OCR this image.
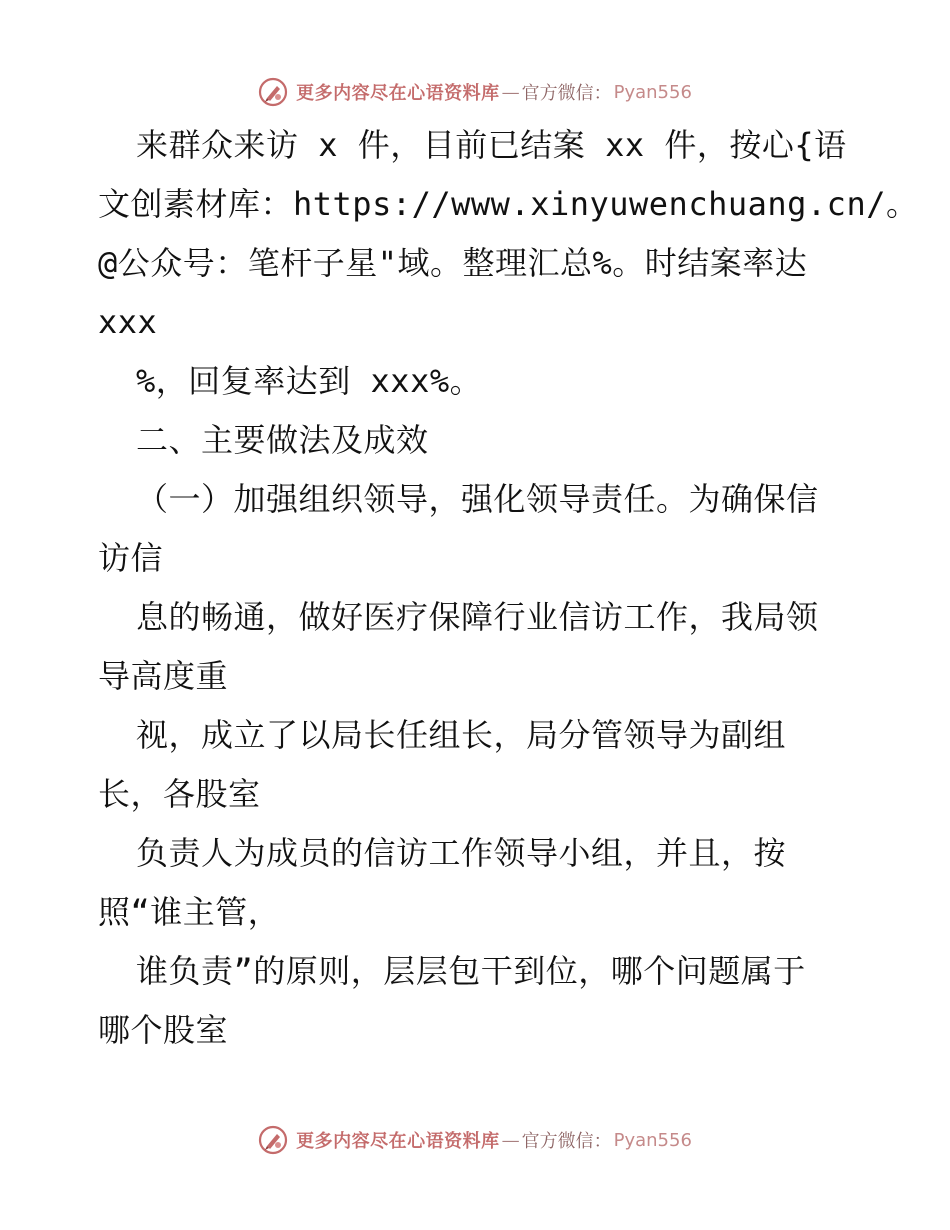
更多内容尽在心语资料库 — 官方微信： Pyan556
来群众来访 x 件，目前已结案 xx 件，按心{语
文创素材库：https://www.xinyuwenchuang.cn/。
@公众号：笔杆子星"域。整理汇总%。时结案率达
xxx
%，回复率达到 xxx%。
二、主要做法及成效
（一）加强组织领导，强化领导责任。为确保信
访信
息的畅通，做好医疗保障行业信访工作，我局领
导高度重
视，成立了以局长任组长，局分管领导为副组
长，各股室
负责人为成员的信访工作领导小组，并且，按
照“谁主管，
谁负责”的原则，层层包干到位，哪个问题属于
哪个股室
更多内容尽在心语资料库 — 官方微信： Pyan556
